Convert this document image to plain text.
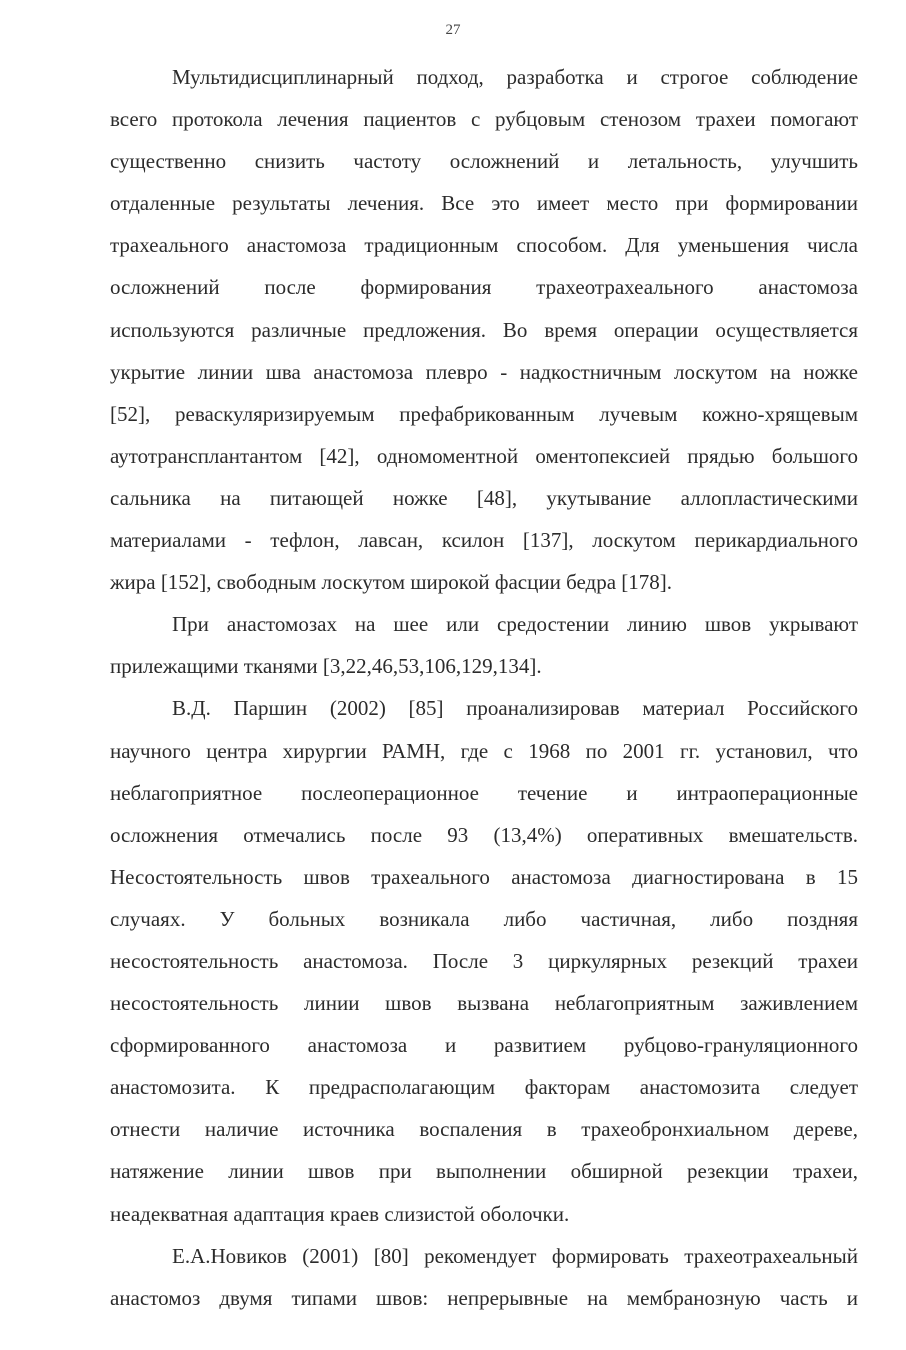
27
Мультидисциплинарный подход, разработка и строгое соблюдение
всего протокола лечения пациентов с рубцовым стенозом трахеи помогают
существенно снизить частоту осложнений и летальность, улучшить
отдаленные результаты лечения. Все это имеет место при формировании
трахеального анастомоза традиционным способом. Для уменьшения числа
осложнений после формирования трахеотрахеального анастомоза
используются различные предложения. Во время операции осуществляется
укрытие линии шва анастомоза плевро - надкостничным лоскутом на ножке
[52], реваскуляризируемым префабрикованным лучевым кожно-хрящевым
аутотрансплантантом [42], одномоментной оментопексией прядью большого
сальника на питающей ножке [48], укутывание аллопластическими
материалами - тефлон, лавсан, ксилон [137], лоскутом перикардиального
жира [152], свободным лоскутом широкой фасции бедра [178].
При анастомозах на шее или средостении линию швов укрывают
прилежащими тканями [3,22,46,53,106,129,134].
В.Д. Паршин (2002) [85] проанализировав материал Российского
научного центра хирургии РАМН, где с 1968 по 2001 гг. установил, что
неблагоприятное послеоперационное течение и интраоперационные
осложнения отмечались после 93 (13,4%) оперативных вмешательств.
Несостоятельность швов трахеального анастомоза диагностирована в 15
случаях. У больных возникала либо частичная, либо поздняя
несостоятельность анастомоза. После 3 циркулярных резекций трахеи
несостоятельность линии швов вызвана неблагоприятным заживлением
сформированного анастомоза и развитием рубцово-грануляционного
анастомозита. К предрасполагающим факторам анастомозита следует
отнести наличие источника воспаления в трахеобронхиальном дереве,
натяжение линии швов при выполнении обширной резекции трахеи,
неадекватная адаптация краев слизистой оболочки.
Е.А.Новиков (2001) [80] рекомендует формировать трахеотрахеальный
анастомоз двумя типами швов: непрерывные на мембранозную часть и
